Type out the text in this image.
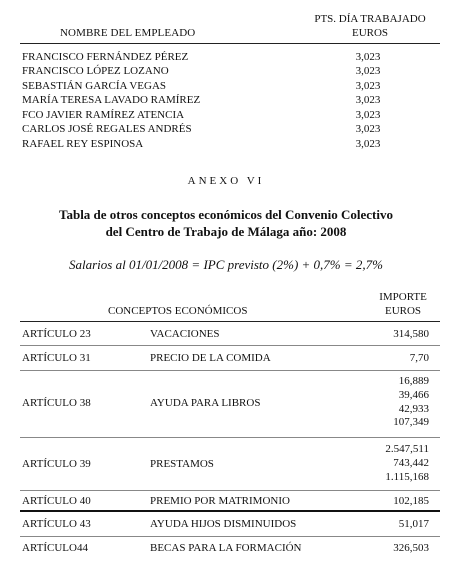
PTS. DÍA TRABAJADO
EUROS
NOMBRE DEL EMPLEADO
FRANCISCO FERNÁNDEZ PÉREZ	3,023
FRANCISCO LÓPEZ LOZANO	3,023
SEBASTIÁN GARCÍA VEGAS	3,023
MARÍA TERESA LAVADO RAMÍREZ	3,023
FCO JAVIER RAMÍREZ ATENCIA	3,023
CARLOS JOSÉ REGALES ANDRÉS	3,023
RAFAEL REY ESPINOSA	3,023
ANEXO VI
Tabla de otros conceptos económicos del Convenio Colectivo
del Centro de Trabajo de Málaga año: 2008
Salarios al 01/01/2008 = IPC previsto (2%) + 0,7% = 2,7%
IMPORTE
EUROS
CONCEPTOS ECONÓMICOS
ARTÍCULO 23	VACACIONES	314,580
ARTÍCULO 31	PRECIO DE LA COMIDA	7,70
ARTÍCULO 38	AYUDA PARA LIBROS
16,889
39,466
42,933
107,349
ARTÍCULO 39	PRESTAMOS
2.547,511
743,442
1.115,168
ARTÍCULO 40	PREMIO POR MATRIMONIO	102,185
ARTÍCULO 43	AYUDA HIJOS DISMINUIDOS	51,017
ARTÍCULO44	BECAS PARA LA FORMACIÓN	326,503
